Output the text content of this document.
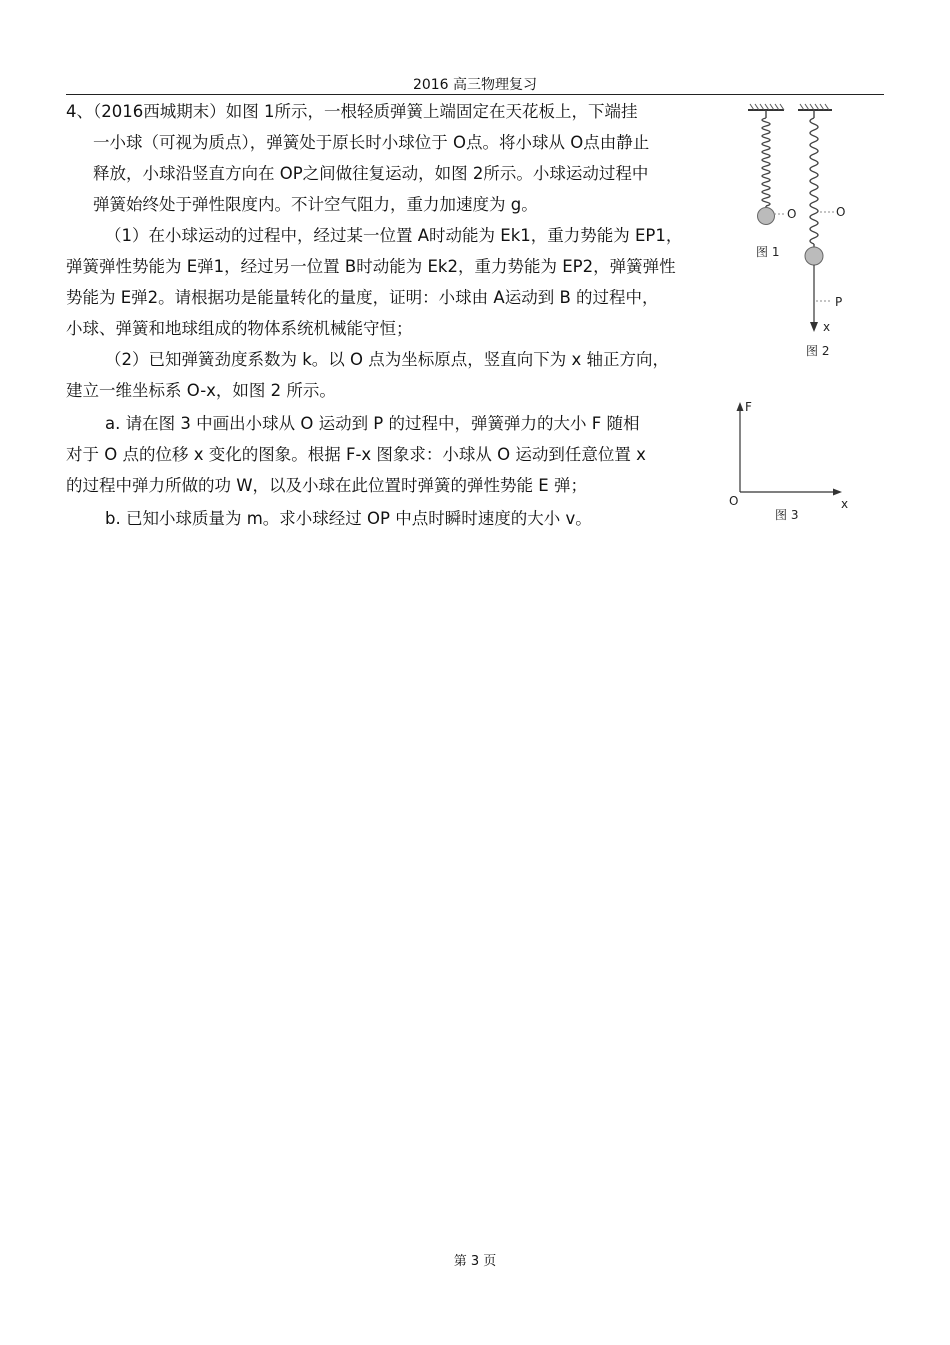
2016 高三物理复习
4、（2016西城期末）如图 1所示，一根轻质弹簧上端固定在天花板上，下端挂
一小球（可视为质点），弹簧处于原长时小球位于 O点。将小球从 O点由静止
释放，小球沿竖直方向在 OP之间做往复运动，如图 2所示。小球运动过程中
弹簧始终处于弹性限度内。不计空气阻力，重力加速度为 g。
（1）在小球运动的过程中，经过某一位置 A时动能为 Ek1，重力势能为 EP1，
弹簧弹性势能为 E弹1，经过另一位置 B时动能为 Ek2，重力势能为 EP2，弹簧弹性
势能为 E弹2。请根据功是能量转化的量度，证明：小球由 A运动到 B 的过程中，
小球、弹簧和地球组成的物体系统机械能守恒；
（2）已知弹簧劲度系数为 k。以 O 点为坐标原点，竖直向下为 x 轴正方向，
建立一维坐标系 O-x，如图 2 所示。
a. 请在图 3 中画出小球从 O 运动到 P 的过程中，弹簧弹力的大小 F 随相
对于 O 点的位移 x 变化的图象。根据 F-x 图象求：小球从 O 运动到任意位置 x
的过程中弹力所做的功 W，以及小球在此位置时弹簧的弹性势能 E 弹；
b. 已知小球质量为 m。求小球经过 OP 中点时瞬时速度的大小 v。
O
图 1
O
P
x
图 2
F
O	x
图 3
第 3 页
